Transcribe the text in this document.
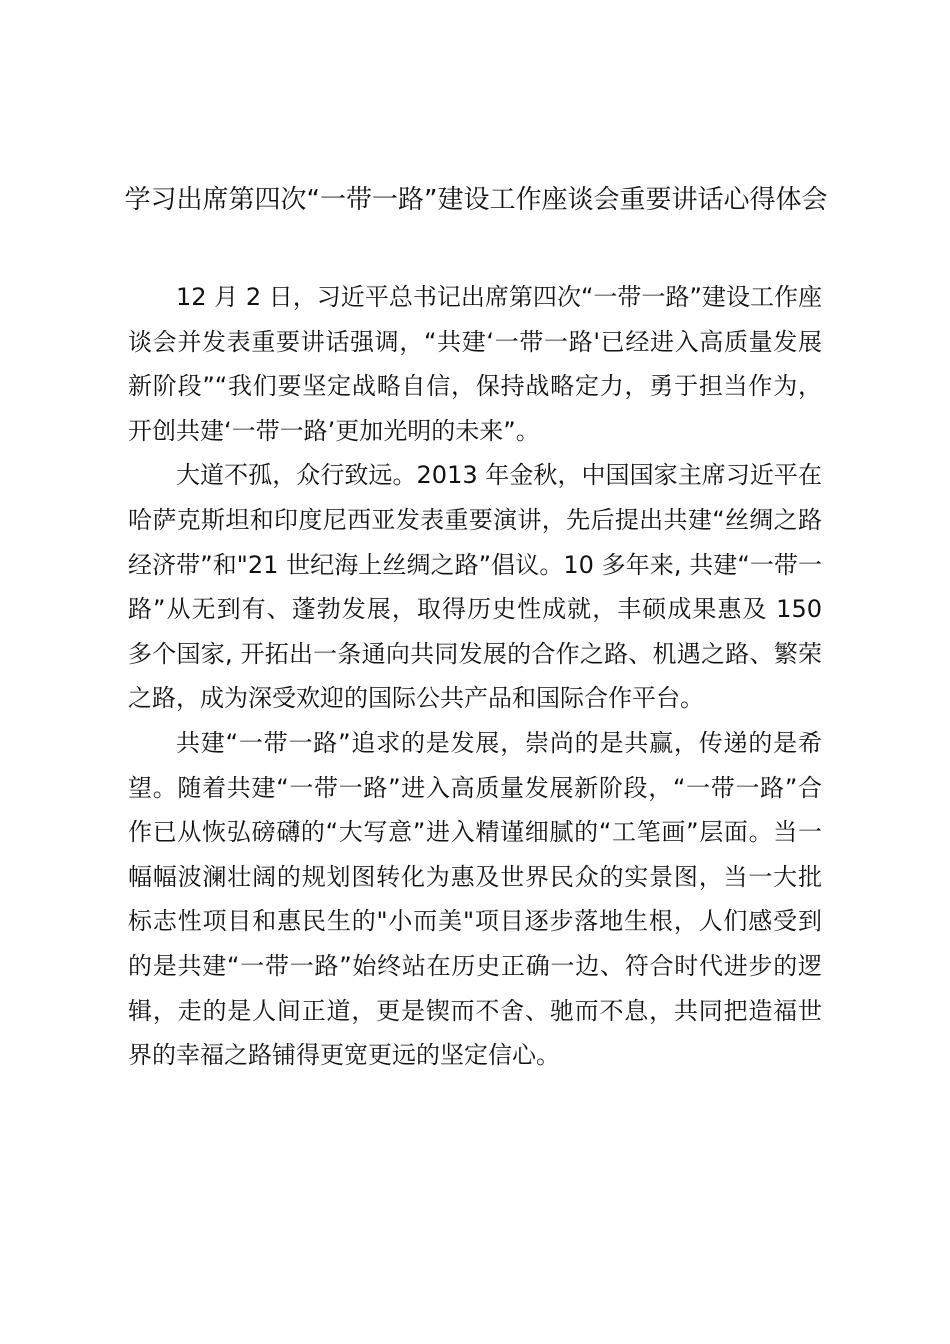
学习出席第四次“一带一路”建设工作座谈会重要讲话心得体会

12 月 2 日，习近平总书记出席第四次“一带一路”建设工作座谈会并发表重要讲话强调，“共建‘一带一路'已经进入高质量发展新阶段”“我们要坚定战略自信，保持战略定力，勇于担当作为，开创共建‘一带一路’更加光明的未来”。

大道不孤，众行致远。2013 年金秋，中国国家主席习近平在哈萨克斯坦和印度尼西亚发表重要演讲，先后提出共建“丝绸之路经济带”和"21 世纪海上丝绸之路”倡议。10 多年来, 共建“一带一路”从无到有、蓬勃发展，取得历史性成就，丰硕成果惠及 150 多个国家, 开拓出一条通向共同发展的合作之路、机遇之路、繁荣之路，成为深受欢迎的国际公共产品和国际合作平台。

共建“一带一路”追求的是发展，崇尚的是共赢，传递的是希望。随着共建“一带一路”进入高质量发展新阶段，“一带一路”合作已从恢弘磅礴的“大写意”进入精谨细腻的“工笔画”层面。当一幅幅波澜壮阔的规划图转化为惠及世界民众的实景图，当一大批标志性项目和惠民生的"小而美"项目逐步落地生根，人们感受到的是共建“一带一路”始终站在历史正确一边、符合时代进步的逻辑，走的是人间正道，更是锲而不舍、驰而不息，共同把造福世界的幸福之路铺得更宽更远的坚定信心。
